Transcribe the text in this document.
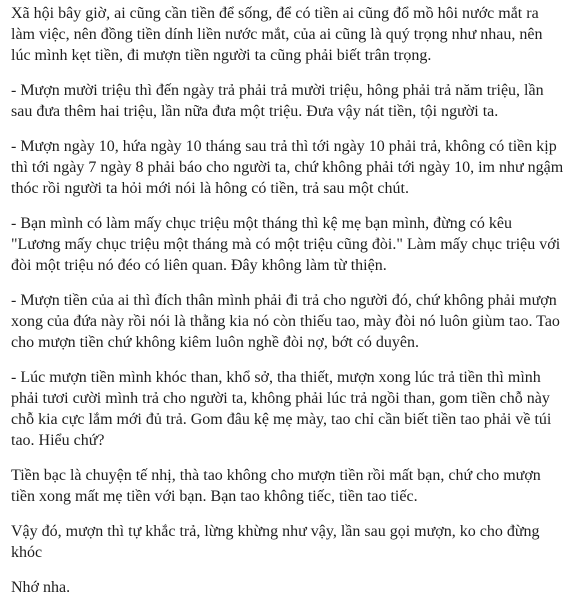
Xã hội bây giờ, ai cũng cần tiền để sống, để có tiền ai cũng đổ mồ hôi nước mắt ra làm việc, nên đồng tiền dính liền nước mắt, của ai cũng là quý trọng như nhau, nên lúc mình kẹt tiền, đi mượn tiền người ta cũng phải biết trân trọng.

- Mượn mười triệu thì đến ngày trả phải trả mười triệu, hông phải trả năm triệu, lần sau đưa thêm hai triệu, lần nữa đưa một triệu. Đưa vậy nát tiền, tội người ta.

- Mượn ngày 10, hứa ngày 10 tháng sau trả thì tới ngày 10 phải trả, không có tiền kịp thì tới ngày 7 ngày 8 phải báo cho người ta, chứ không phải tới ngày 10, im như ngậm thóc rồi người ta hỏi mới nói là hông có tiền, trả sau một chút.

- Bạn mình có làm mấy chục triệu một tháng thì kệ mẹ bạn mình, đừng có kêu "Lương mấy chục triệu một tháng mà có một triệu cũng đòi." Làm mấy chục triệu với đòi một triệu nó đéo có liên quan. Đây không làm từ thiện.

- Mượn tiền của ai thì đích thân mình phải đi trả cho người đó, chứ không phải mượn xong của đứa này rồi nói là thằng kia nó còn thiếu tao, mày đòi nó luôn giùm tao. Tao cho mượn tiền chứ không kiêm luôn nghề đòi nợ, bớt có duyên.

- Lúc mượn tiền mình khóc than, khổ sở, tha thiết, mượn xong lúc trả tiền thì mình phải tươi cười mình trả cho người ta, không phải lúc trả ngồi than, gom tiền chỗ này chỗ kia cực lắm mới đủ trả. Gom đâu kệ mẹ mày, tao chỉ cần biết tiền tao phải về túi tao. Hiểu chứ?

Tiền bạc là chuyện tế nhị, thà tao không cho mượn tiền rồi mất bạn, chứ cho mượn tiền xong mất mẹ tiền với bạn. Bạn tao không tiếc, tiền tao tiếc.

Vậy đó, mượn thì tự khắc trả, lừng khừng như vậy, lần sau gọi mượn, ko cho đừng khóc

Nhớ nha.
